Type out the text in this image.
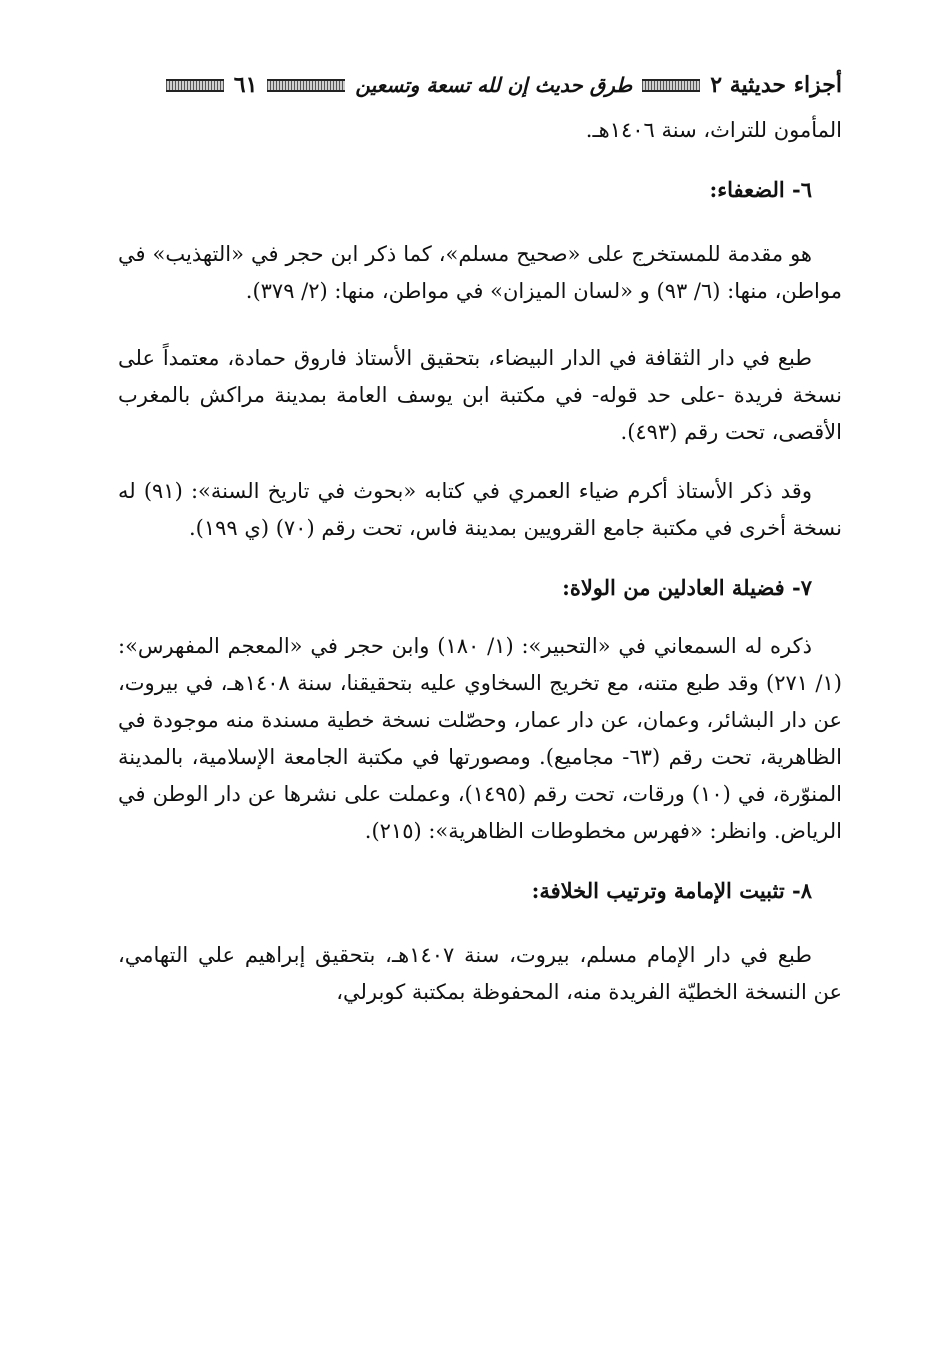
أجزاء حديثية ٢
طرق حديث إن لله تسعة وتسعين
٦١

المأمون للتراث، سنة ١٤٠٦هـ.

٦- الضعفاء:

هو مقدمة للمستخرج على «صحيح مسلم»، كما ذكر ابن حجر في «التهذيب» في مواطن، منها: (٦/ ٩٣) و «لسان الميزان» في مواطن، منها: (٢/ ٣٧٩).

طبع في دار الثقافة في الدار البيضاء، بتحقيق الأستاذ فاروق حمادة، معتمداً على نسخة فريدة -على حد قوله- في مكتبة ابن يوسف العامة بمدينة مراكش بالمغرب الأقصى، تحت رقم (٤٩٣).

وقد ذكر الأستاذ أكرم ضياء العمري في كتابه «بحوث في تاريخ السنة»: (٩١) له نسخة أخرى في مكتبة جامع القرويين بمدينة فاس، تحت رقم (٧٠) (ي ١٩٩).

٧- فضيلة العادلين من الولاة:

ذكره له السمعاني في «التحبير»: (١/ ١٨٠) وابن حجر في «المعجم المفهرس»: (١/ ٢٧١) وقد طبع متنه، مع تخريج السخاوي عليه بتحقيقنا، سنة ١٤٠٨هـ، في بيروت، عن دار البشائر، وعمان، عن دار عمار، وحصّلت نسخة خطية مسندة منه موجودة في الظاهرية، تحت رقم (٦٣- مجاميع). ومصورتها في مكتبة الجامعة الإسلامية، بالمدينة المنوّرة، في (١٠) ورقات، تحت رقم (١٤٩٥)، وعملت على نشرها عن دار الوطن في الرياض. وانظر: «فهرس مخطوطات الظاهرية»: (٢١٥).

٨- تثبيت الإمامة وترتيب الخلافة:

طبع في دار الإمام مسلم، بيروت، سنة ١٤٠٧هـ، بتحقيق إبراهيم علي التهامي، عن النسخة الخطيّة الفريدة منه، المحفوظة بمكتبة كوبرلي،
